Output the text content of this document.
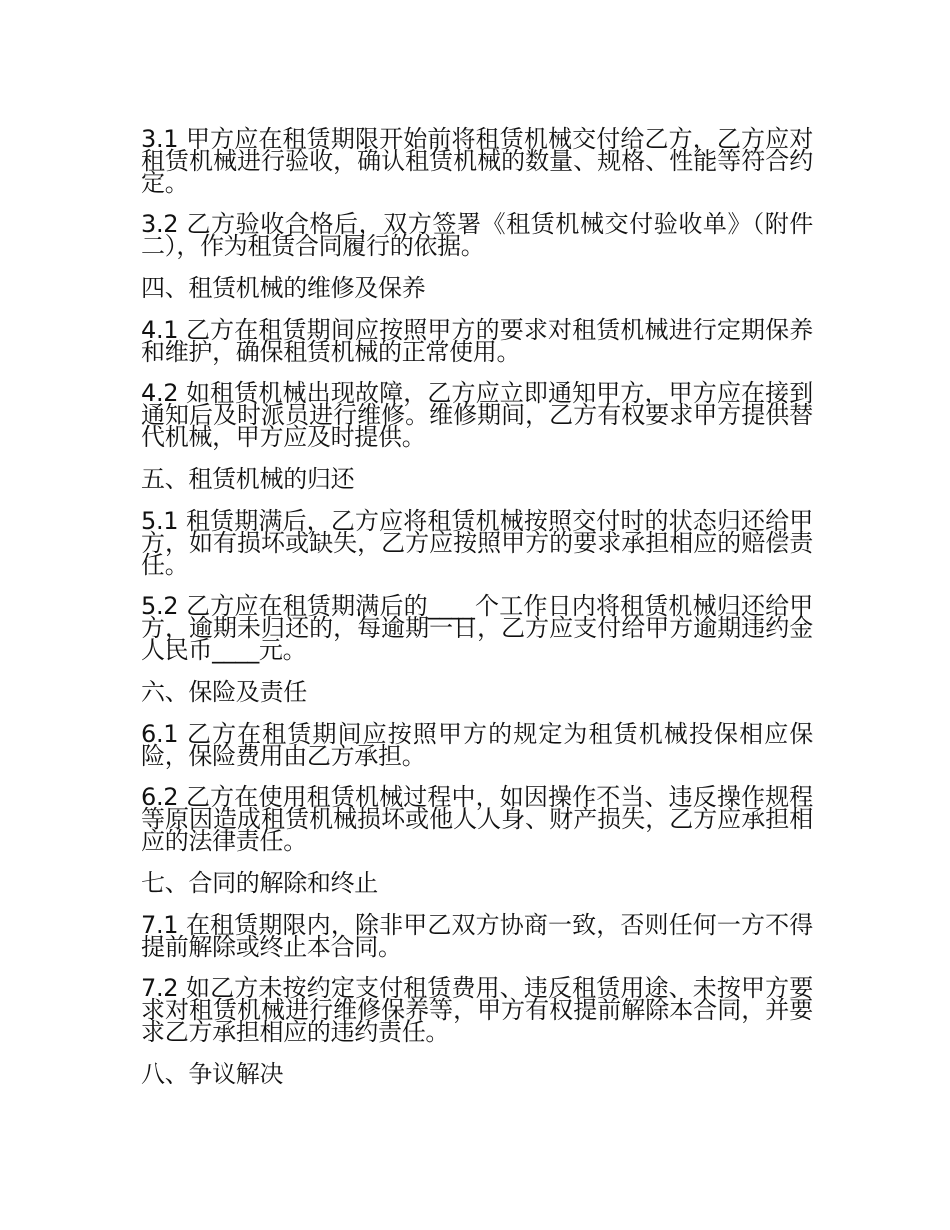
3.1 甲方应在租赁期限开始前将租赁机械交付给乙方，乙方应对租赁机械进行验收，确认租赁机械的数量、规格、性能等符合约定。

3.2 乙方验收合格后，双方签署《租赁机械交付验收单》（附件二），作为租赁合同履行的依据。

四、租赁机械的维修及保养

4.1 乙方在租赁期间应按照甲方的要求对租赁机械进行定期保养和维护，确保租赁机械的正常使用。

4.2 如租赁机械出现故障，乙方应立即通知甲方，甲方应在接到通知后及时派员进行维修。维修期间，乙方有权要求甲方提供替代机械，甲方应及时提供。

五、租赁机械的归还

5.1 租赁期满后，乙方应将租赁机械按照交付时的状态归还给甲方，如有损坏或缺失，乙方应按照甲方的要求承担相应的赔偿责任。

5.2 乙方应在租赁期满后的____个工作日内将租赁机械归还给甲方，逾期未归还的，每逾期一日，乙方应支付给甲方逾期违约金人民币____元。

六、保险及责任

6.1 乙方在租赁期间应按照甲方的规定为租赁机械投保相应保险，保险费用由乙方承担。

6.2 乙方在使用租赁机械过程中，如因操作不当、违反操作规程等原因造成租赁机械损坏或他人人身、财产损失，乙方应承担相应的法律责任。

七、合同的解除和终止

7.1 在租赁期限内，除非甲乙双方协商一致，否则任何一方不得提前解除或终止本合同。

7.2 如乙方未按约定支付租赁费用、违反租赁用途、未按甲方要求对租赁机械进行维修保养等，甲方有权提前解除本合同，并要求乙方承担相应的违约责任。

八、争议解决
